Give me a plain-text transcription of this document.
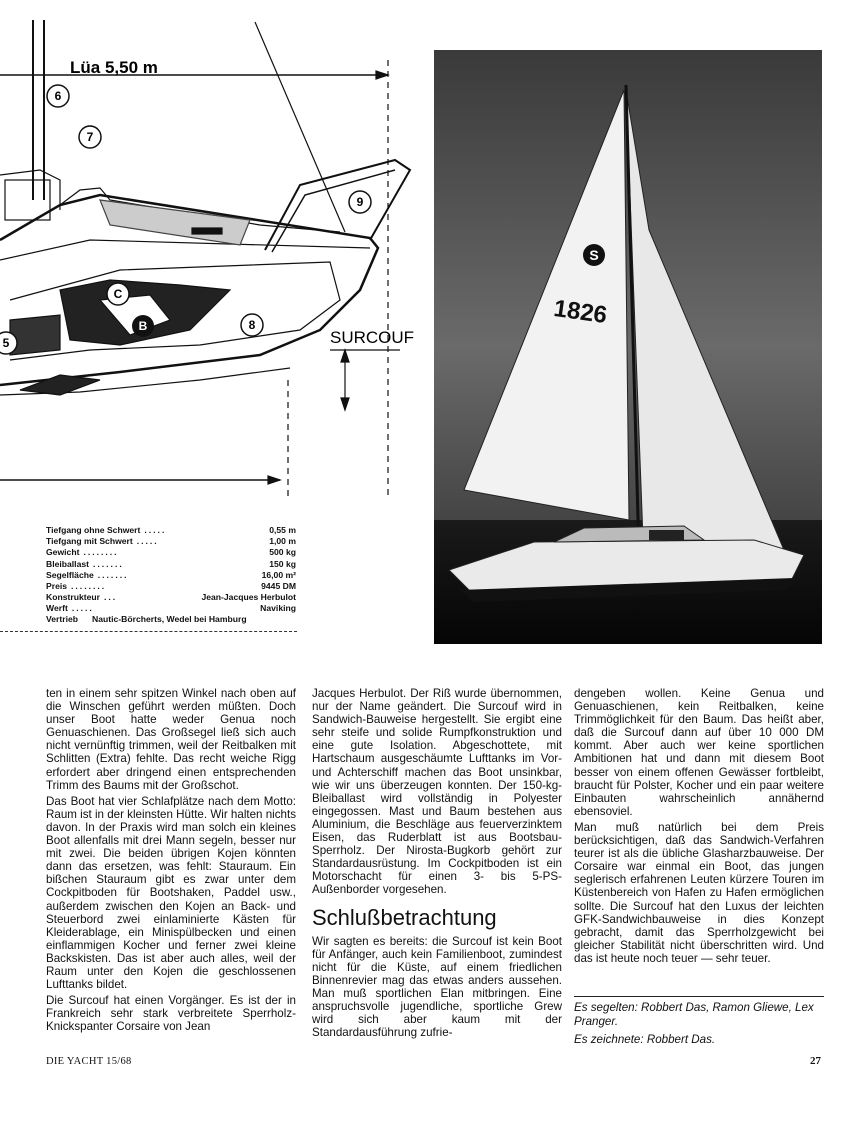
6
7
9
C
B	8
5
Lüa 5,50 m
SURCOUF
S
1826
Tiefgang ohne Schwert .....	0,55 m
Tiefgang mit Schwert .....	1,00 m
Gewicht ........	500 kg
Bleiballast .......	150 kg
Segelfläche .......	16,00 m²
Preis ........	9445 DM
Konstrukteur ...	Jean-Jacques Herbulot
Werft .....	Naviking
Vertrieb Nautic-Börcherts, Wedel bei Hamburg

ten in einem sehr spitzen Winkel nach oben auf die Winschen geführt werden müßten. Doch unser Boot hatte weder Genua noch Genuaschienen. Das Großsegel ließ sich auch nicht vernünftig trimmen, weil der Reitbalken mit Schlitten (Extra) fehlte. Das recht weiche Rigg erfordert aber dringend einen entsprechenden Trimm des Baums mit der Großschot.

Das Boot hat vier Schlafplätze nach dem Motto: Raum ist in der kleinsten Hütte. Wir halten nichts davon. In der Praxis wird man solch ein kleines Boot allenfalls mit drei Mann segeln, besser nur mit zwei. Die beiden übrigen Kojen könnten dann das ersetzen, was fehlt: Stauraum. Ein bißchen Stauraum gibt es zwar unter dem Cockpitboden für Bootshaken, Paddel usw., außerdem zwischen den Kojen an Back- und Steuerbord zwei einlaminierte Kästen für Kleiderablage, ein Minispülbecken und einen einflammigen Kocher und ferner zwei kleine Backskisten. Das ist aber auch alles, weil der Raum unter den Kojen die geschlossenen Lufttanks bildet.

Die Surcouf hat einen Vorgänger. Es ist der in Frankreich sehr stark verbreitete Sperrholz-Knickspanter Corsaire von Jean

Jacques Herbulot. Der Riß wurde übernommen, nur der Name geändert. Die Surcouf wird in Sandwich-Bauweise hergestellt. Sie ergibt eine sehr steife und solide Rumpfkonstruktion und eine gute Isolation. Abgeschottete, mit Hartschaum ausgeschäumte Lufttanks im Vor- und Achterschiff machen das Boot unsinkbar, wie wir uns überzeugen konnten. Der 150-kg-Bleiballast wird vollständig in Polyester eingegossen. Mast und Baum bestehen aus Aluminium, die Beschläge aus feuerverzinktem Eisen, das Ruderblatt ist aus Bootsbau-Sperrholz. Der Nirosta-Bugkorb gehört zur Standardausrüstung. Im Cockpitboden ist ein Motorschacht für einen 3- bis 5-PS-Außenborder vorgesehen.

Schlußbetrachtung

Wir sagten es bereits: die Surcouf ist kein Boot für Anfänger, auch kein Familienboot, zumindest nicht für die Küste, auf einem friedlichen Binnenrevier mag das etwas anders aussehen. Man muß sportlichen Elan mitbringen. Eine anspruchsvolle jugendliche, sportliche Grew wird sich aber kaum mit der Standardausführung zufrie-

dengeben wollen. Keine Genua und Genuaschienen, kein Reitbalken, keine Trimmöglichkeit für den Baum. Das heißt aber, daß die Surcouf dann auf über 10 000 DM kommt. Aber auch wer keine sportlichen Ambitionen hat und dann mit diesem Boot besser von einem offenen Gewässer fortbleibt, braucht für Polster, Kocher und ein paar weitere Einbauten wahrscheinlich annähernd ebensoviel.

Man muß natürlich bei dem Preis berücksichtigen, daß das Sandwich-Verfahren teurer ist als die übliche Glasharzbauweise. Der Corsaire war einmal ein Boot, das jungen seglerisch erfahrenen Leuten kürzere Touren im Küstenbereich von Hafen zu Hafen ermöglichen sollte. Die Surcouf hat den Luxus der leichten GFK-Sandwichbauweise in dies Konzept gebracht, damit das Sperrholzgewicht bei gleicher Stabilität nicht überschritten wird. Und das ist heute noch teuer — sehr teuer.

Es segelten: Robbert Das, Ramon Gliewe, Lex Pranger.

Es zeichnete: Robbert Das.

DIE YACHT 15/68	27
